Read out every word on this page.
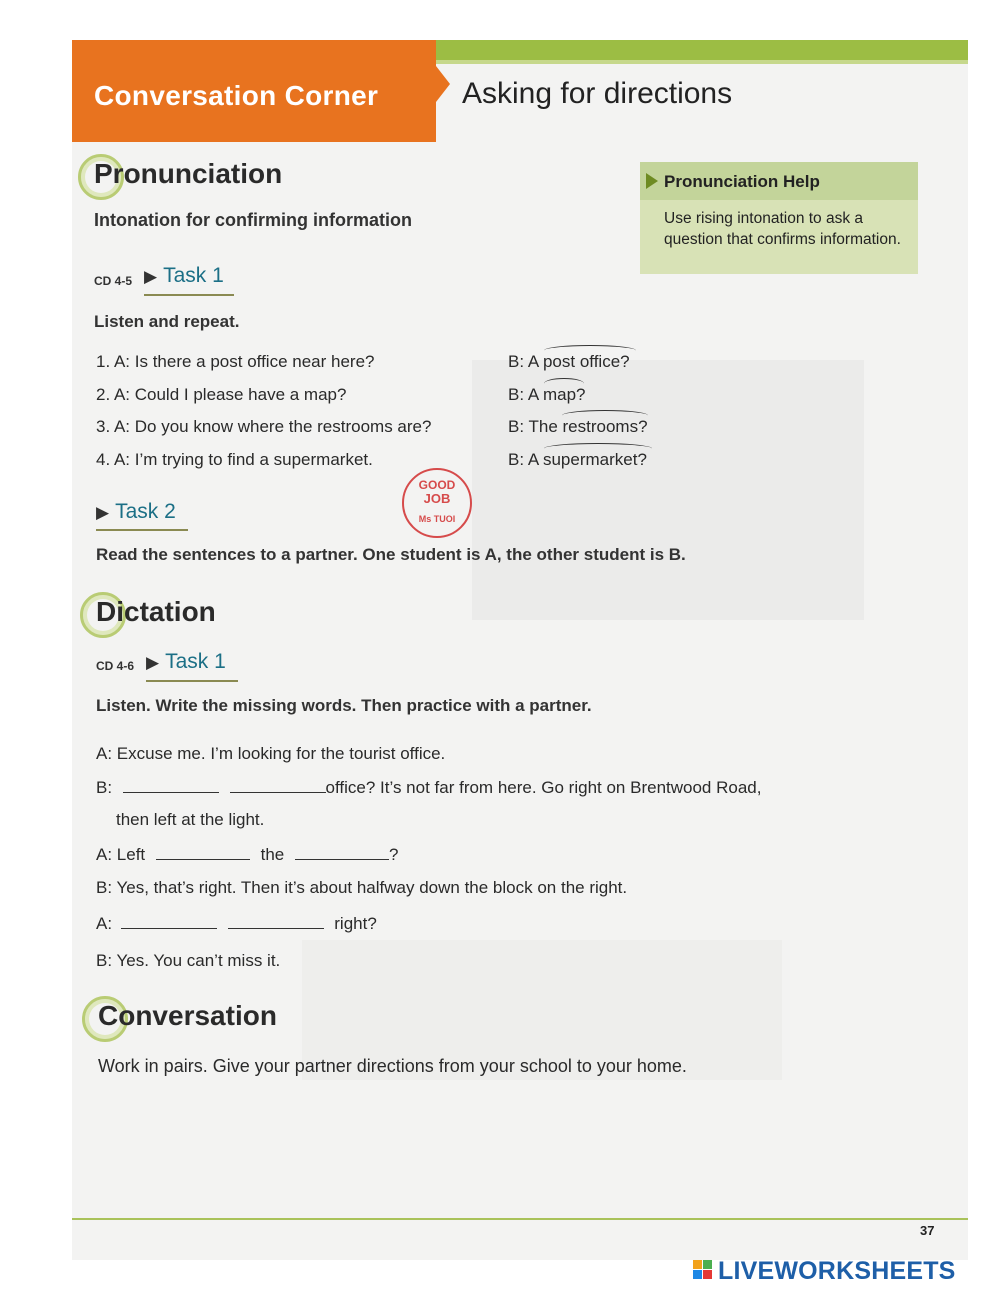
Conversation Corner	Asking for directions
Pronunciation
Intonation for confirming information
Pronunciation Help
Use rising intonation to ask a question that confirms information.
CD 4-5 ▶ Task 1
Listen and repeat.
1. A: Is there a post office near here?	B: A post office?
2. A: Could I please have a map?	B: A map?
3. A: Do you know where the restrooms are?	B: The restrooms?
4. A: I’m trying to find a supermarket.	B: A supermarket?
GOOD
JOB
Ms TUOI
▶ Task 2
Read the sentences to a partner. One student is A, the other student is B.
Dictation
CD 4-6 ▶ Task 1
Listen. Write the missing words. Then practice with a partner.
A: Excuse me. I’m looking for the tourist office.
B:	office? It’s not far from here. Go right on Brentwood Road,
then left at the light.
A: Left	the	?
B: Yes, that’s right. Then it’s about halfway down the block on the right.
A:	right?
B: Yes. You can’t miss it.
Conversation
Work in pairs. Give your partner directions from your school to your home.
37
LIVEWORKSHEETS
